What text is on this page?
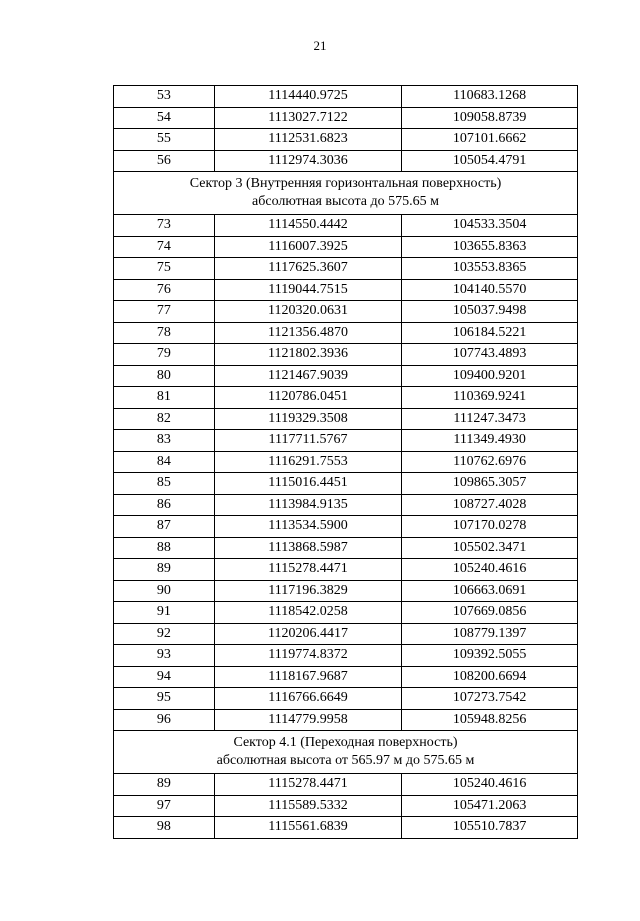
21
53	1114440.9725	110683.1268
54	1113027.7122	109058.8739
55	1112531.6823	107101.6662
56	1112974.3036	105054.4791

Сектор 3 (Внутренняя горизонтальная поверхность)
абсолютная высота до 575.65 м		

73	1114550.4442	104533.3504
74	1116007.3925	103655.8363
75	1117625.3607	103553.8365
76	1119044.7515	104140.5570
77	1120320.0631	105037.9498
78	1121356.4870	106184.5221
79	1121802.3936	107743.4893
80	1121467.9039	109400.9201
81	1120786.0451	110369.9241
82	1119329.3508	111247.3473
83	1117711.5767	111349.4930
84	1116291.7553	110762.6976
85	1115016.4451	109865.3057
86	1113984.9135	108727.4028
87	1113534.5900	107170.0278
88	1113868.5987	105502.3471
89	1115278.4471	105240.4616
90	1117196.3829	106663.0691
91	1118542.0258	107669.0856
92	1120206.4417	108779.1397
93	1119774.8372	109392.5055
94	1118167.9687	108200.6694
95	1116766.6649	107273.7542
96	1114779.9958	105948.8256

Сектор 4.1 (Переходная поверхность)
абсолютная высота от 565.97 м до 575.65 м		

89	1115278.4471	105240.4616
97	1115589.5332	105471.2063
98	1115561.6839	105510.7837
